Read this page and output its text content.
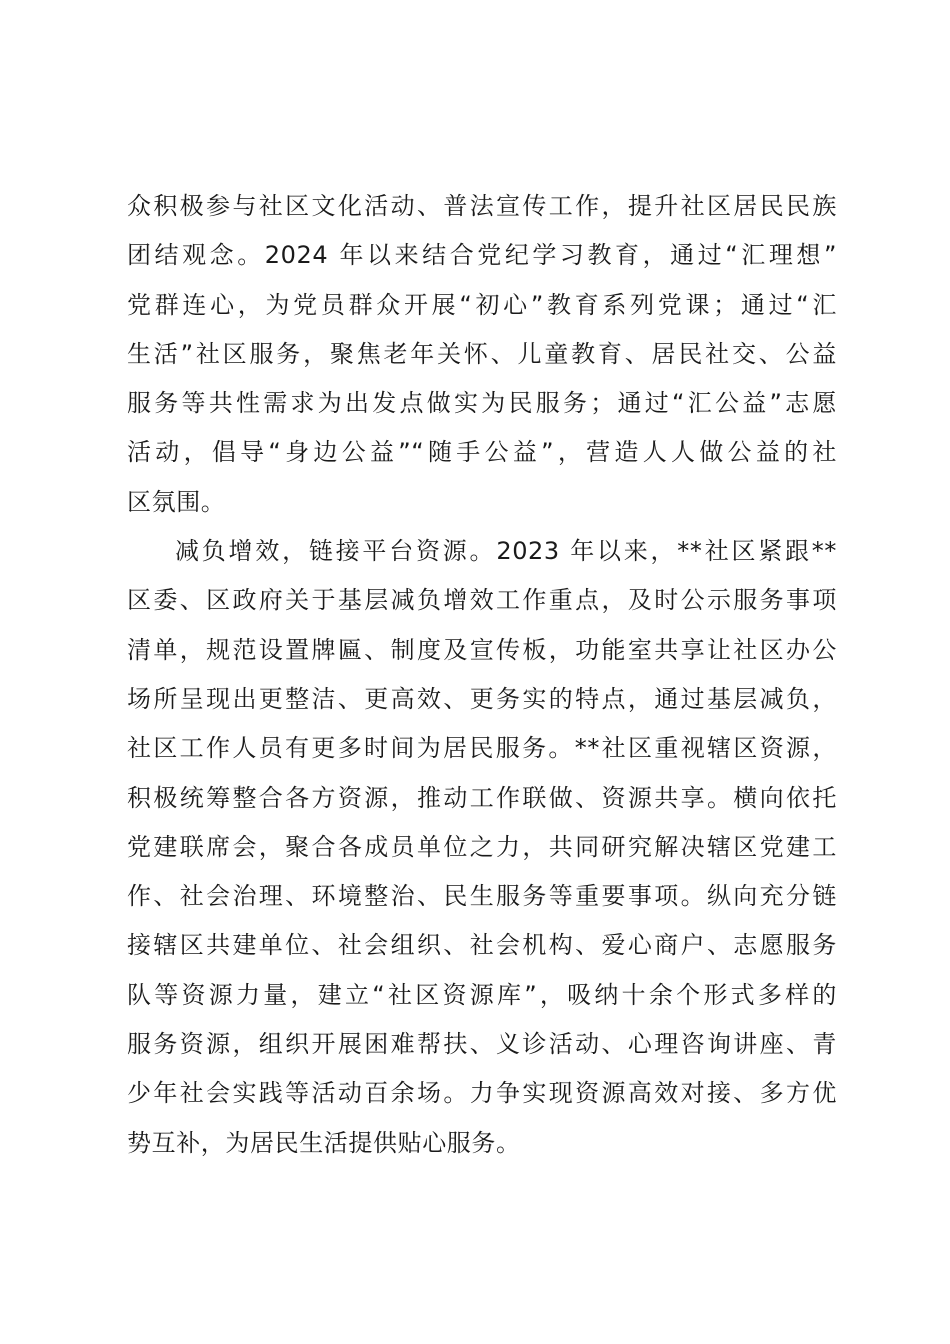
众积极参与社区文化活动、普法宣传工作，提升社区居民民族
团结观念。2024 年以来结合党纪学习教育，通过“汇理想”
党群连心，为党员群众开展“初心”教育系列党课；通过“汇
生活”社区服务，聚焦老年关怀、儿童教育、居民社交、公益
服务等共性需求为出发点做实为民服务；通过“汇公益”志愿
活动，倡导“身边公益”“随手公益”，营造人人做公益的社
区氛围。
减负增效，链接平台资源。2023 年以来，**社区紧跟**
区委、区政府关于基层减负增效工作重点，及时公示服务事项
清单，规范设置牌匾、制度及宣传板，功能室共享让社区办公
场所呈现出更整洁、更高效、更务实的特点，通过基层减负，
社区工作人员有更多时间为居民服务。**社区重视辖区资源，
积极统筹整合各方资源，推动工作联做、资源共享。横向依托
党建联席会，聚合各成员单位之力，共同研究解决辖区党建工
作、社会治理、环境整治、民生服务等重要事项。纵向充分链
接辖区共建单位、社会组织、社会机构、爱心商户、志愿服务
队等资源力量，建立“社区资源库”，吸纳十余个形式多样的
服务资源，组织开展困难帮扶、义诊活动、心理咨询讲座、青
少年社会实践等活动百余场。力争实现资源高效对接、多方优
势互补，为居民生活提供贴心服务。
